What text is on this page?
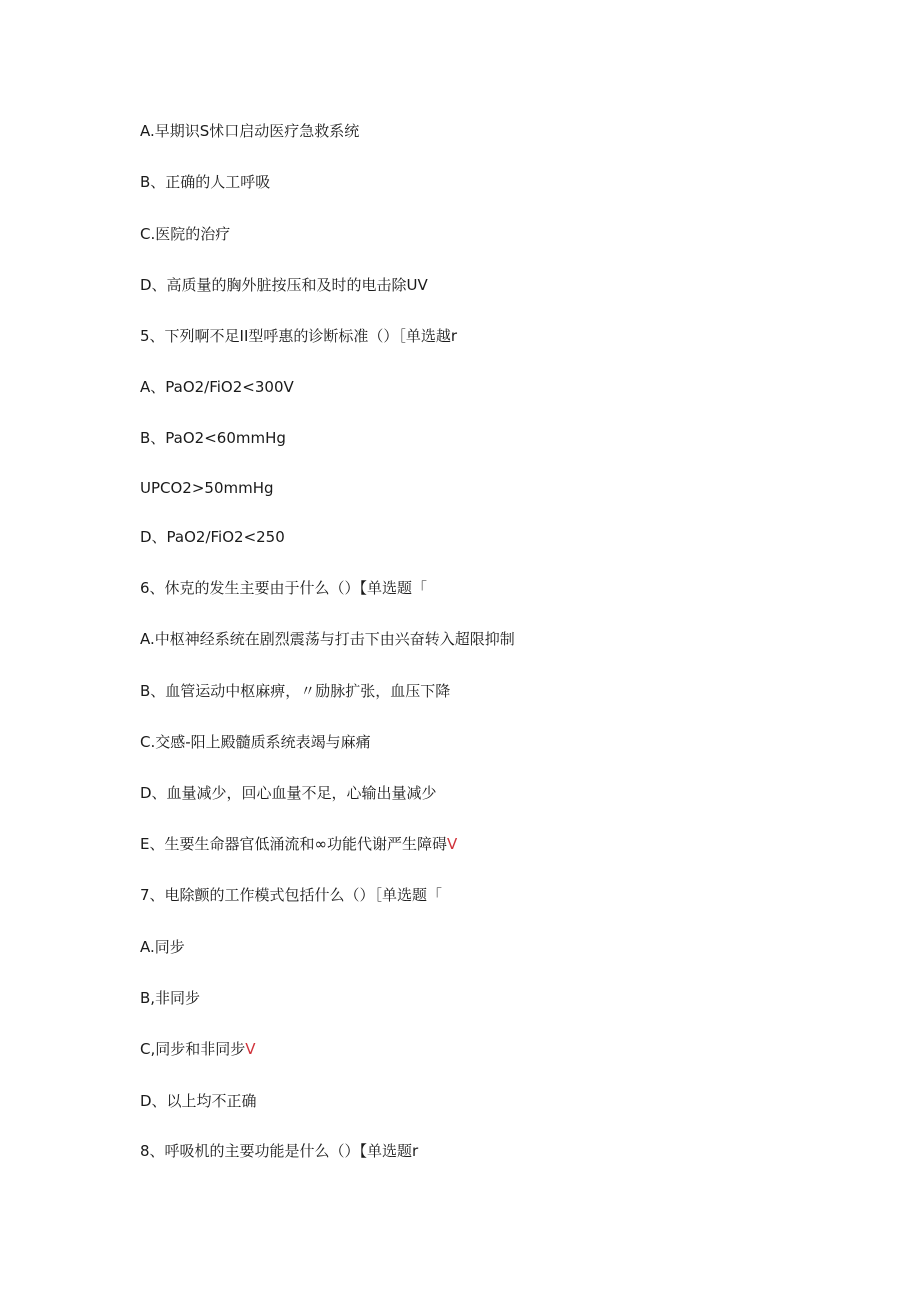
A.早期识S怵口启动医疗急救系统
B、正确的人工呼吸
C.医院的治疗
D、高质量的胸外脏按压和及时的电击除UV
5、下列啊不足II型呼惠的诊断标准（）［单选越r
A、PaO2∕FiO2<300V
B、PaO2<60mmHg
UPCO2>50mmHg
D、PaO2∕FiO2<250
6、休克的发生主要由于什么（）【单选题「
A.中枢神经系统在剧烈震荡与打击下由兴奋转入超限抑制
B、血管运动中枢麻痹，〃励脉扩张，血压下降
C.交感-阳上殿髓质系统表竭与麻痛
D、血量减少，回心血量不足，心输出量减少
E、生要生命器官低涌流和∞功能代谢严生障碍V
7、电除颤的工作模式包括什么（）［单选题「
A.同步
B,非同步
C,同步和非同步V
D、以上均不正确
8、呼吸机的主要功能是什么（）【单选题r
